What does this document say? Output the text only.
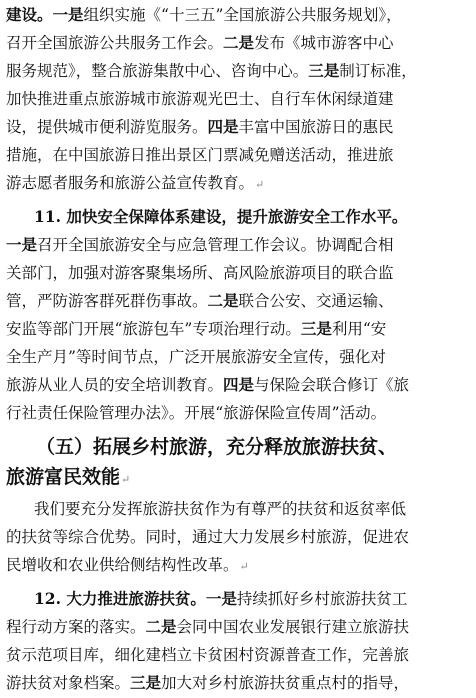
建设。一是组织实施《“十三五”全国旅游公共服务规划》，
召开全国旅游公共服务工作会。二是发布《城市游客中心
服务规范》，整合旅游集散中心、咨询中心。三是制订标准，
加快推进重点旅游城市旅游观光巴士、自行车休闲绿道建
设，提供城市便利游览服务。四是丰富中国旅游日的惠民
措施，在中国旅游日推出景区门票减免赠送活动，推进旅
游志愿者服务和旅游公益宣传教育。↵
11. 加快安全保障体系建设，提升旅游安全工作水平。
一是召开全国旅游安全与应急管理工作会议。协调配合相
关部门，加强对游客聚集场所、高风险旅游项目的联合监
管，严防游客群死群伤事故。二是联合公安、交通运输、
安监等部门开展“旅游包车”专项治理行动。三是利用“安
全生产月”等时间节点，广泛开展旅游安全宣传，强化对
旅游从业人员的安全培训教育。四是与保险会联合修订《旅
行社责任保险管理办法》。开展“旅游保险宣传周”活动。
（五）拓展乡村旅游，充分释放旅游扶贫、
旅游富民效能↵
我们要充分发挥旅游扶贫作为有尊严的扶贫和返贫率低
的扶贫等综合优势。同时，通过大力发展乡村旅游，促进农
民增收和农业供给侧结构性改革。↵
12. 大力推进旅游扶贫。一是持续抓好乡村旅游扶贫工
程行动方案的落实。二是会同中国农业发展银行建立旅游扶
贫示范项目库，细化建档立卡贫困村资源普查工作，完善旅
游扶贫对象档案。三是加大对乡村旅游扶贫重点村的指导，
